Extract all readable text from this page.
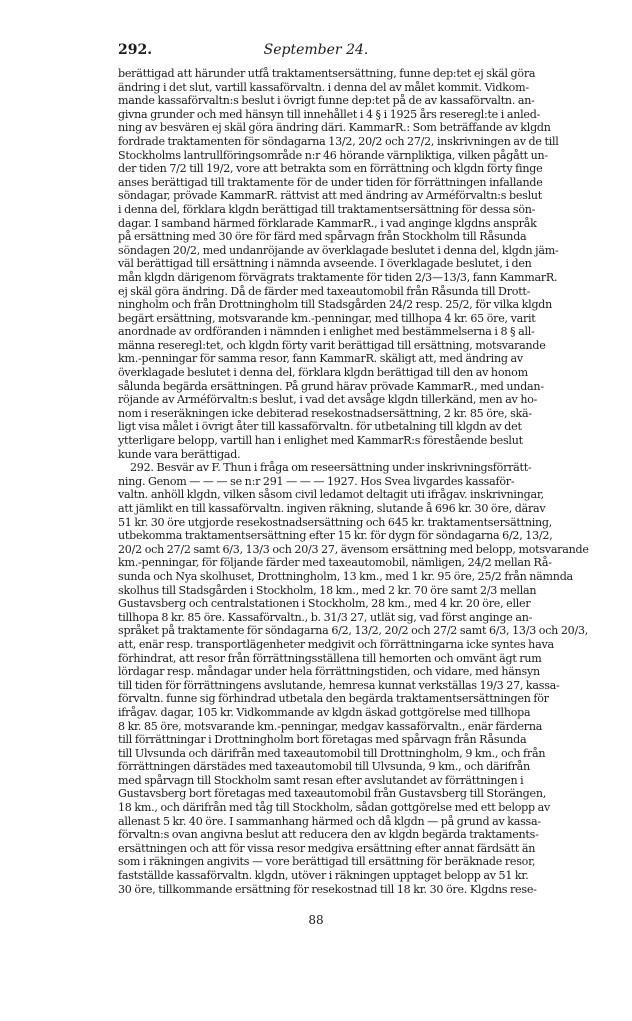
292.	September 24.
berättigad att härunder utfå traktamentsersättning, funne dep:tet ej skäl göra
ändring i det slut, vartill kassaförvaltn. i denna del av målet kommit. Vidkom-
mande kassaförvaltn:s beslut i övrigt funne dep:tet på de av kassaförvaltn. an-
givna grunder och med hänsyn till innehållet i 4 § i 1925 års reseregl:te i anled-
ning av besvären ej skäl göra ändring däri. KammarR.: Som beträffande av klgdn
fordrade traktamenten för söndagarna 13/2, 20/2 och 27/2, inskrivningen av de till
Stockholms lantrullföringsområde n:r 46 hörande värnpliktiga, vilken pågått un-
der tiden 7/2 till 19/2, vore att betrakta som en förrättning och klgdn förty finge
anses berättigad till traktamente för de under tiden för förrättningen infallande
söndagar, prövade KammarR. rättvist att med ändring av Arméförvaltn:s beslut
i denna del, förklara klgdn berättigad till traktamentsersättning för dessa sön-
dagar. I samband härmed förklarade KammarR., i vad anginge klgdns anspråk
på ersättning med 30 öre för färd med spårvagn från Stockholm till Råsunda
söndagen 20/2, med undanröjande av överklagade beslutet i denna del, klgdn jäm-
väl berättigad till ersättning i nämnda avseende. I överklagade beslutet, i den
mån klgdn därigenom förvägrats traktamente för tiden 2/3—13/3, fann KammarR.
ej skäl göra ändring. Då de färder med taxeautomobil från Råsunda till Drott-
ningholm och från Drottningholm till Stadsgården 24/2 resp. 25/2, för vilka klgdn
begärt ersättning, motsvarande km.-penningar, med tillhopa 4 kr. 65 öre, varit
anordnade av ordföranden i nämnden i enlighet med bestämmelserna i 8 § all-
männa reseregl:tet, och klgdn förty varit berättigad till ersättning, motsvarande
km.-penningar för samma resor, fann KammarR. skäligt att, med ändring av
överklagade beslutet i denna del, förklara klgdn berättigad till den av honom
sålunda begärda ersättningen. På grund härav prövade KammarR., med undan-
röjande av Arméförvaltn:s beslut, i vad det avsåge klgdn tillerkänd, men av ho-
nom i reseräkningen icke debiterad resekostnadsersättning, 2 kr. 85 öre, skä-
ligt visa målet i övrigt åter till kassaförvaltn. för utbetalning till klgdn av det
ytterligare belopp, vartill han i enlighet med KammarR:s förestående beslut
kunde vara berättigad.
292. Besvär av F. Thun i fråga om reseersättning under inskrivningsförrätt-
ning. Genom — — — se n:r 291 — — — 1927. Hos Svea livgardes kassaför-
valtn. anhöll klgdn, vilken såsom civil ledamot deltagit uti ifrågav. inskrivningar,
att jämlikt en till kassaförvaltn. ingiven räkning, slutande å 696 kr. 30 öre, därav
51 kr. 30 öre utgjorde resekostnadsersättning och 645 kr. traktamentsersättning,
utbekomma traktamentsersättning efter 15 kr. för dygn för söndagarna 6/2, 13/2,
20/2 och 27/2 samt 6/3, 13/3 och 20/3 27, ävensom ersättning med belopp, motsvarande
km.-penningar, för följande färder med taxeautomobil, nämligen, 24/2 mellan Rå-
sunda och Nya skolhuset, Drottningholm, 13 km., med 1 kr. 95 öre, 25/2 från nämnda
skolhus till Stadsgården i Stockholm, 18 km., med 2 kr. 70 öre samt 2/3 mellan
Gustavsberg och centralstationen i Stockholm, 28 km., med 4 kr. 20 öre, eller
tillhopa 8 kr. 85 öre. Kassaförvaltn., b. 31/3 27, utlät sig, vad först anginge an-
språket på traktamente för söndagarna 6/2, 13/2, 20/2 och 27/2 samt 6/3, 13/3 och 20/3,
att, enär resp. transportlägenheter medgivit och förrättningarna icke syntes hava
förhindrat, att resor från förrättningsställena till hemorten och omvänt ägt rum
lördagar resp. måndagar under hela förrättningstiden, och vidare, med hänsyn
till tiden för förrättningens avslutande, hemresa kunnat verkställas 19/3 27, kassa-
förvaltn. funne sig förhindrad utbetala den begärda traktamentsersättningen för
ifrågav. dagar, 105 kr. Vidkommande av klgdn äskad gottgörelse med tillhopa
8 kr. 85 öre, motsvarande km.-penningar, medgav kassaförvaltn., enär färderna
till förrättningar i Drottningholm bort företagas med spårvagn från Råsunda
till Ulvsunda och därifrån med taxeautomobil till Drottningholm, 9 km., och från
förrättningen därstädes med taxeautomobil till Ulvsunda, 9 km., och därifrån
med spårvagn till Stockholm samt resan efter avslutandet av förrättningen i
Gustavsberg bort företagas med taxeautomobil från Gustavsberg till Storängen,
18 km., och därifrån med tåg till Stockholm, sådan gottgörelse med ett belopp av
allenast 5 kr. 40 öre. I sammanhang härmed och då klgdn — på grund av kassa-
förvaltn:s ovan angivna beslut att reducera den av klgdn begärda traktaments-
ersättningen och att för vissa resor medgiva ersättning efter annat färdsätt än
som i räkningen angivits — vore berättigad till ersättning för beräknade resor,
fastställde kassaförvaltn. klgdn, utöver i räkningen upptaget belopp av 51 kr.
30 öre, tillkommande ersättning för resekostnad till 18 kr. 30 öre. Klgdns rese-
88
